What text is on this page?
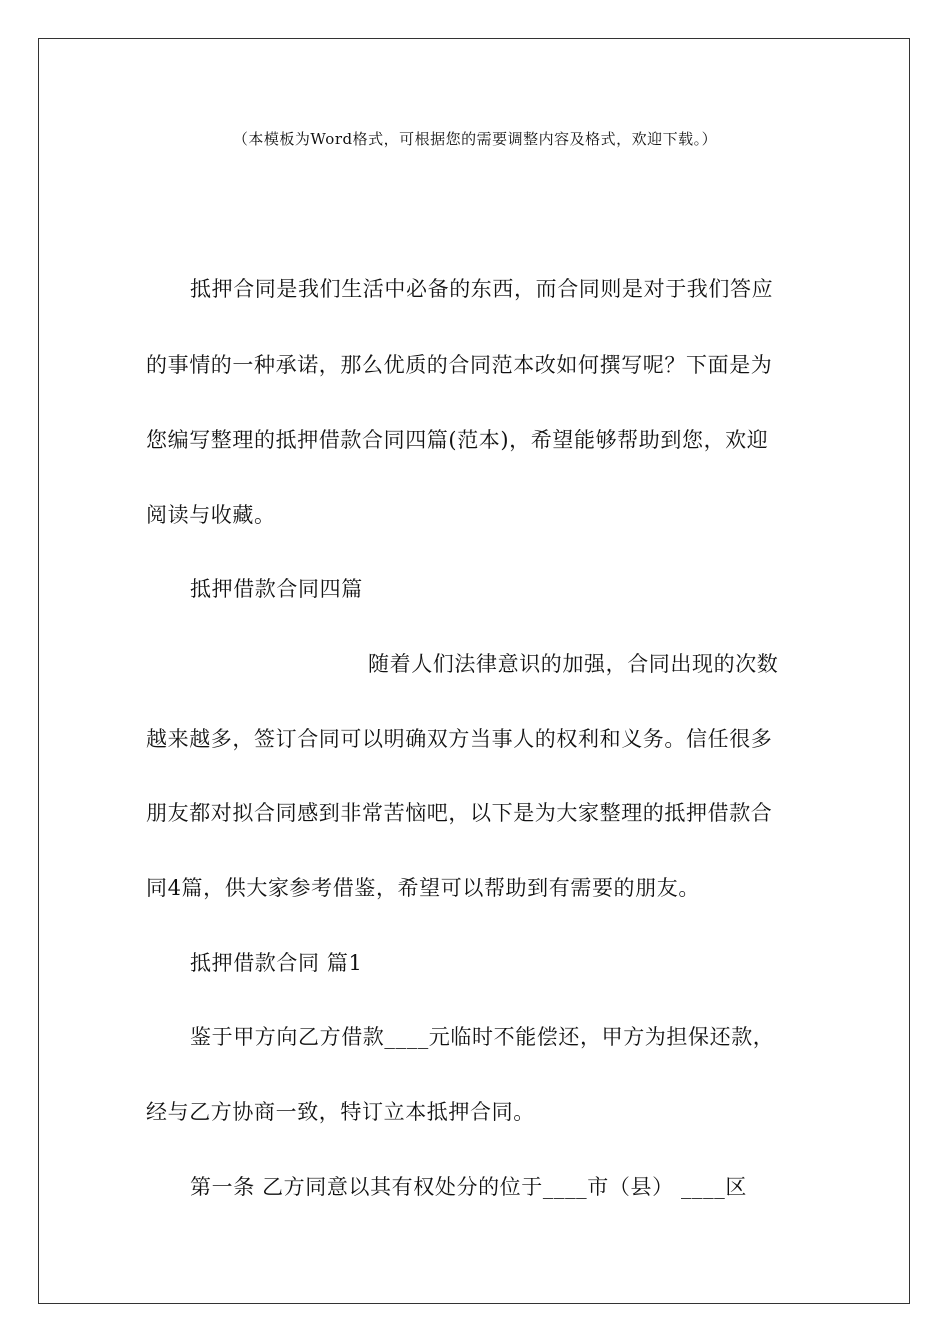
（本模板为Word格式，可根据您的需要调整内容及格式，欢迎下载。）
抵押合同是我们生活中必备的东西，而合同则是对于我们答应
的事情的一种承诺，那么优质的合同范本改如何撰写呢？下面是为
您编写整理的抵押借款合同四篇(范本)，希望能够帮助到您，欢迎
阅读与收藏。
抵押借款合同四篇
随着人们法律意识的加强，合同出现的次数
越来越多，签订合同可以明确双方当事人的权利和义务。信任很多
朋友都对拟合同感到非常苦恼吧，以下是为大家整理的抵押借款合
同4篇，供大家参考借鉴，希望可以帮助到有需要的朋友。
抵押借款合同 篇1
鉴于甲方向乙方借款____元临时不能偿还，甲方为担保还款，
经与乙方协商一致，特订立本抵押合同。
第一条 乙方同意以其有权处分的位于____市（县） ____区
